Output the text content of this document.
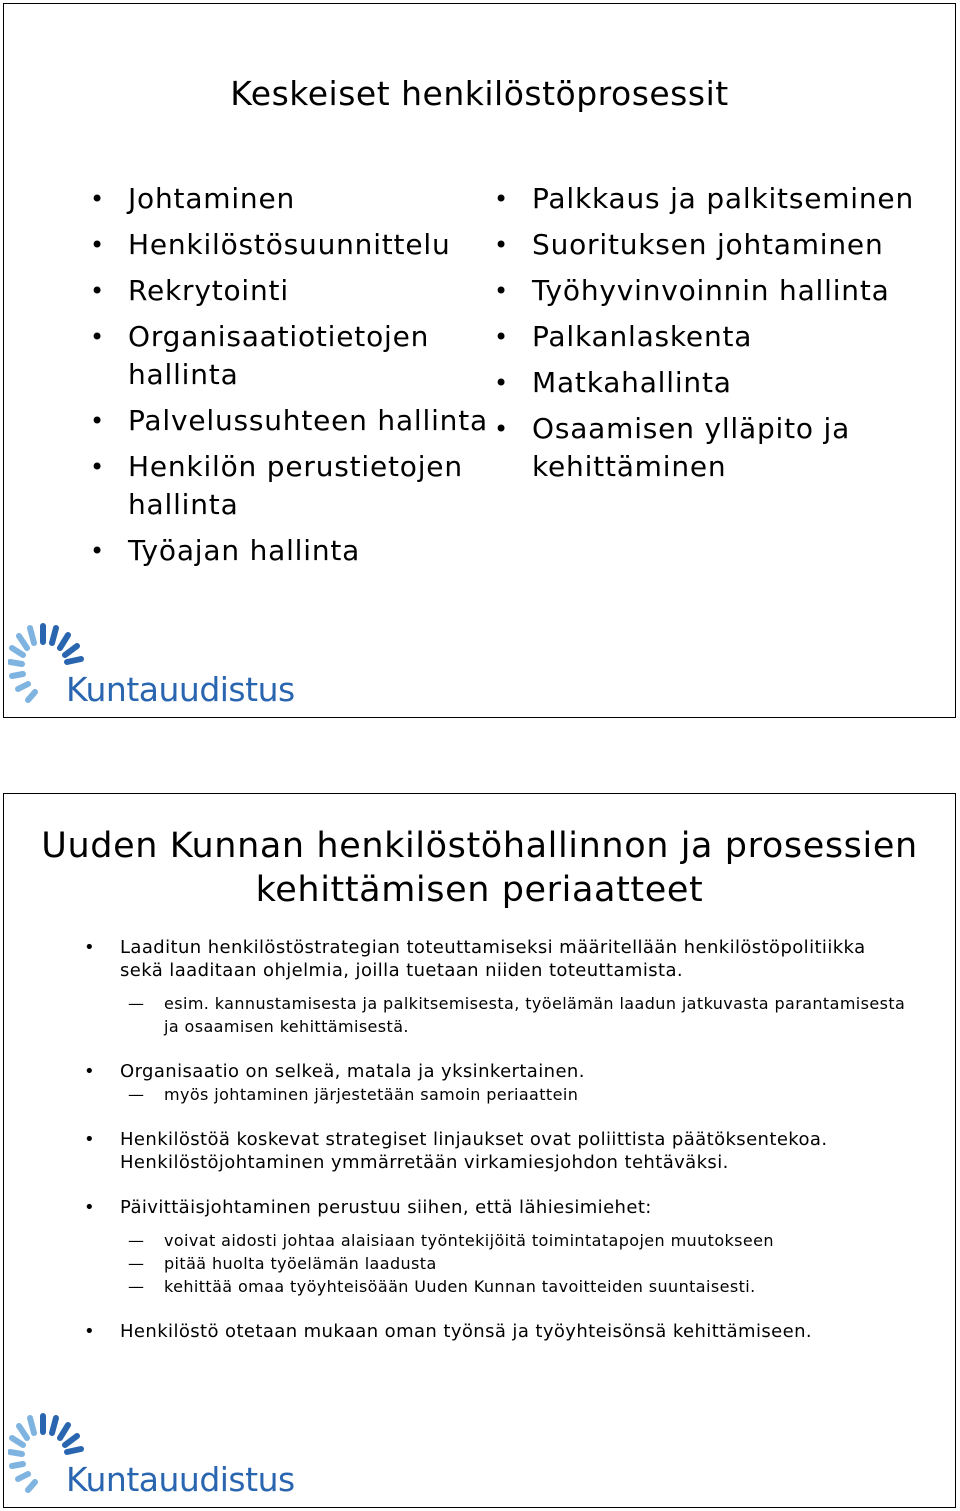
Keskeiset henkilöstöprosessit
• Johtaminen
• Henkilöstösuunnittelu
• Rekrytointi
• Organisaatiotietojen hallinta
• Palvelussuhteen hallinta
• Henkilön perustietojen hallinta
• Työajan hallinta
• Palkkaus ja palkitseminen
• Suorituksen johtaminen
• Työhyvinvoinnin hallinta
• Palkanlaskenta
• Matkahallinta
• Osaamisen ylläpito ja kehittäminen
Kuntauudistus
Uuden Kunnan henkilöstöhallinnon ja prosessien kehittämisen periaatteet
• Laaditun henkilöstöstrategian toteuttamiseksi määritellään henkilöstöpolitiikka sekä laaditaan ohjelmia, joilla tuetaan niiden toteuttamista.
— esim. kannustamisesta ja palkitsemisesta, työelämän laadun jatkuvasta parantamisesta ja osaamisen kehittämisestä.
• Organisaatio on selkeä, matala ja yksinkertainen.
— myös johtaminen järjestetään samoin periaattein
• Henkilöstöä koskevat strategiset linjaukset ovat poliittista päätöksentekoa. Henkilöstöjohtaminen ymmärretään virkamiesjohdon tehtäväksi.
• Päivittäisjohtaminen perustuu siihen, että lähiesimiehet:
— voivat aidosti johtaa alaisiaan työntekijöitä toimintatapojen muutokseen
— pitää huolta työelämän laadusta
— kehittää omaa työyhteisöään Uuden Kunnan tavoitteiden suuntaisesti.
• Henkilöstö otetaan mukaan oman työnsä ja työyhteisönsä kehittämiseen.
Kuntauudistus
